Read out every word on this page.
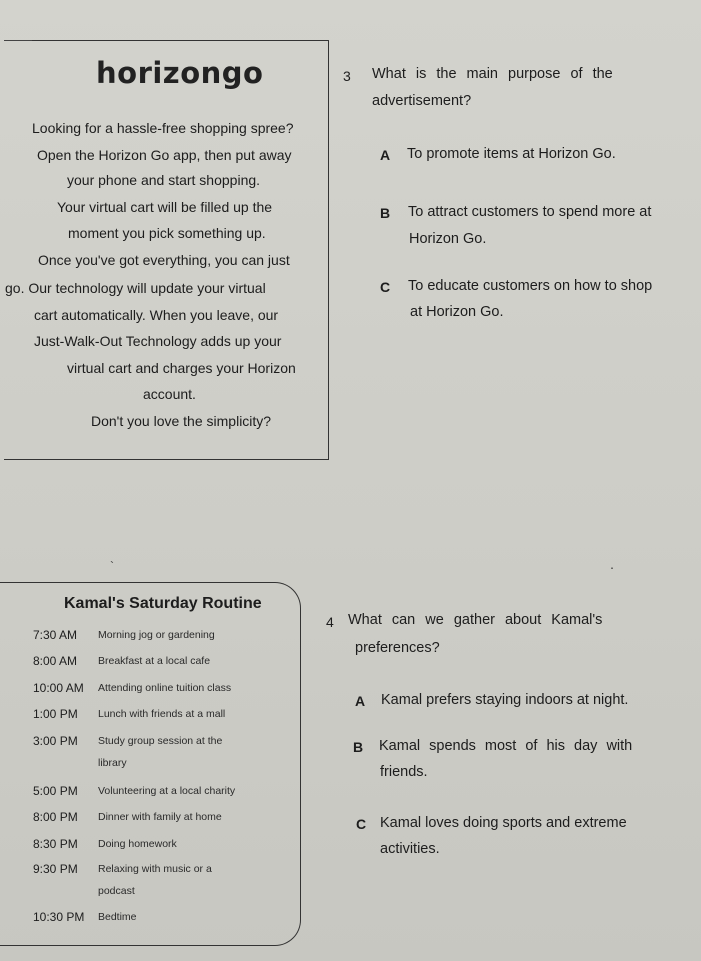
horizongo
Looking for a hassle-free shopping spree?
Open the Horizon Go app, then put away
your phone and start shopping.
Your virtual cart will be filled up the
moment you pick something up.
Once you've got everything, you can just
go. Our technology will update your virtual
cart automatically. When you leave, our
Just-Walk-Out Technology adds up your
virtual cart and charges your Horizon
account.
Don't you love the simplicity?
3 What is the main purpose of the
advertisement?
A To promote items at Horizon Go.
B To attract customers to spend more at
Horizon Go.
C To educate customers on how to shop
at Horizon Go.
`	․
Kamal's Saturday Routine
7:30 AM Morning jog or gardening
8:00 AM Breakfast at a local cafe
10:00 AM Attending online tuition class
1:00 PM Lunch with friends at a mall
3:00 PM Study group session at the
library
5:00 PM Volunteering at a local charity
8:00 PM Dinner with family at home
8:30 PM Doing homework
9:30 PM Relaxing with music or a
podcast
10:30 PM Bedtime
4 What can we gather about Kamal's
preferences?
A Kamal prefers staying indoors at night.
B Kamal spends most of his day with
friends.
C Kamal loves doing sports and extreme
activities.
